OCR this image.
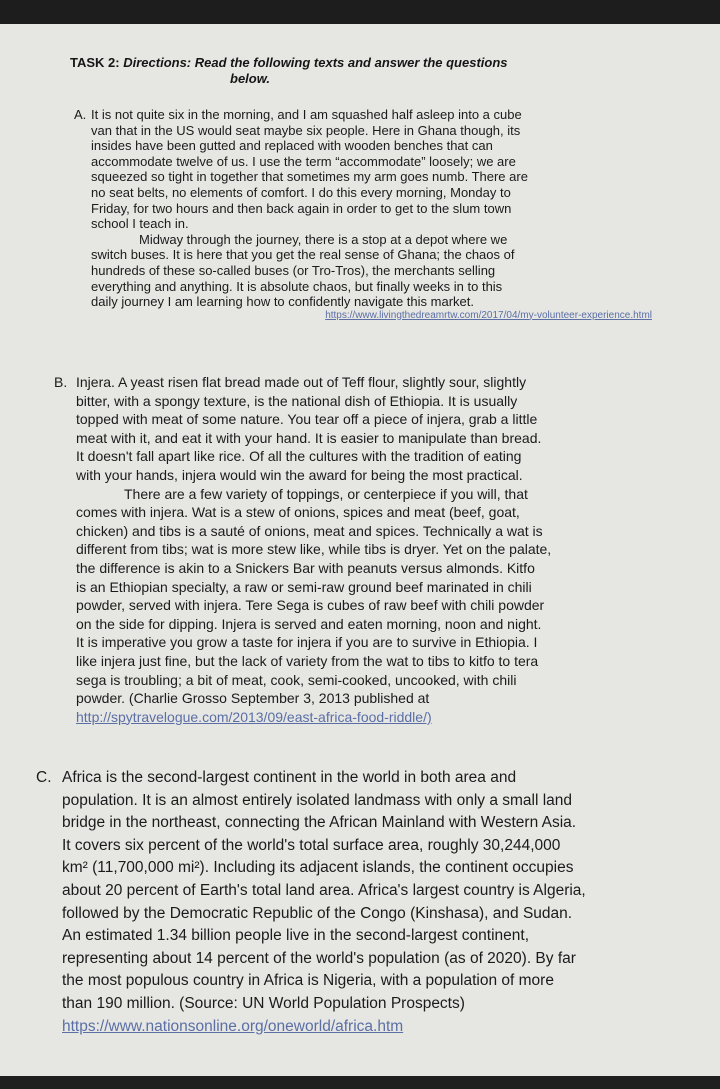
TASK 2: Directions: Read the following texts and answer the questions
below.
A. It is not quite six in the morning, and I am squashed half asleep into a cube
van that in the US would seat maybe six people. Here in Ghana though, its
insides have been gutted and replaced with wooden benches that can
accommodate twelve of us. I use the term “accommodate” loosely; we are
squeezed so tight in together that sometimes my arm goes numb. There are
no seat belts, no elements of comfort. I do this every morning, Monday to
Friday, for two hours and then back again in order to get to the slum town
school I teach in.
Midway through the journey, there is a stop at a depot where we
switch buses. It is here that you get the real sense of Ghana; the chaos of
hundreds of these so-called buses (or Tro-Tros), the merchants selling
everything and anything. It is absolute chaos, but finally weeks in to this
daily journey I am learning how to confidently navigate this market.
https://www.livingthedreamrtw.com/2017/04/my-volunteer-experience.html
B. Injera. A yeast risen flat bread made out of Teff flour, slightly sour, slightly
bitter, with a spongy texture, is the national dish of Ethiopia. It is usually
topped with meat of some nature. You tear off a piece of injera, grab a little
meat with it, and eat it with your hand. It is easier to manipulate than bread.
It doesn't fall apart like rice. Of all the cultures with the tradition of eating
with your hands, injera would win the award for being the most practical.
There are a few variety of toppings, or centerpiece if you will, that
comes with injera. Wat is a stew of onions, spices and meat (beef, goat,
chicken) and tibs is a sauté of onions, meat and spices. Technically a wat is
different from tibs; wat is more stew like, while tibs is dryer. Yet on the palate,
the difference is akin to a Snickers Bar with peanuts versus almonds. Kitfo
is an Ethiopian specialty, a raw or semi-raw ground beef marinated in chili
powder, served with injera. Tere Sega is cubes of raw beef with chili powder
on the side for dipping. Injera is served and eaten morning, noon and night.
It is imperative you grow a taste for injera if you are to survive in Ethiopia. I
like injera just fine, but the lack of variety from the wat to tibs to kitfo to tera
sega is troubling; a bit of meat, cook, semi-cooked, uncooked, with chili
powder. (Charlie Grosso September 3, 2013 published at
http://spytravelogue.com/2013/09/east-africa-food-riddle/)
C. Africa is the second-largest continent in the world in both area and
population. It is an almost entirely isolated landmass with only a small land
bridge in the northeast, connecting the African Mainland with Western Asia.
It covers six percent of the world's total surface area, roughly 30,244,000
km² (11,700,000 mi²). Including its adjacent islands, the continent occupies
about 20 percent of Earth's total land area. Africa's largest country is Algeria,
followed by the Democratic Republic of the Congo (Kinshasa), and Sudan.
An estimated 1.34 billion people live in the second-largest continent,
representing about 14 percent of the world's population (as of 2020). By far
the most populous country in Africa is Nigeria, with a population of more
than 190 million. (Source: UN World Population Prospects)
https://www.nationsonline.org/oneworld/africa.htm
